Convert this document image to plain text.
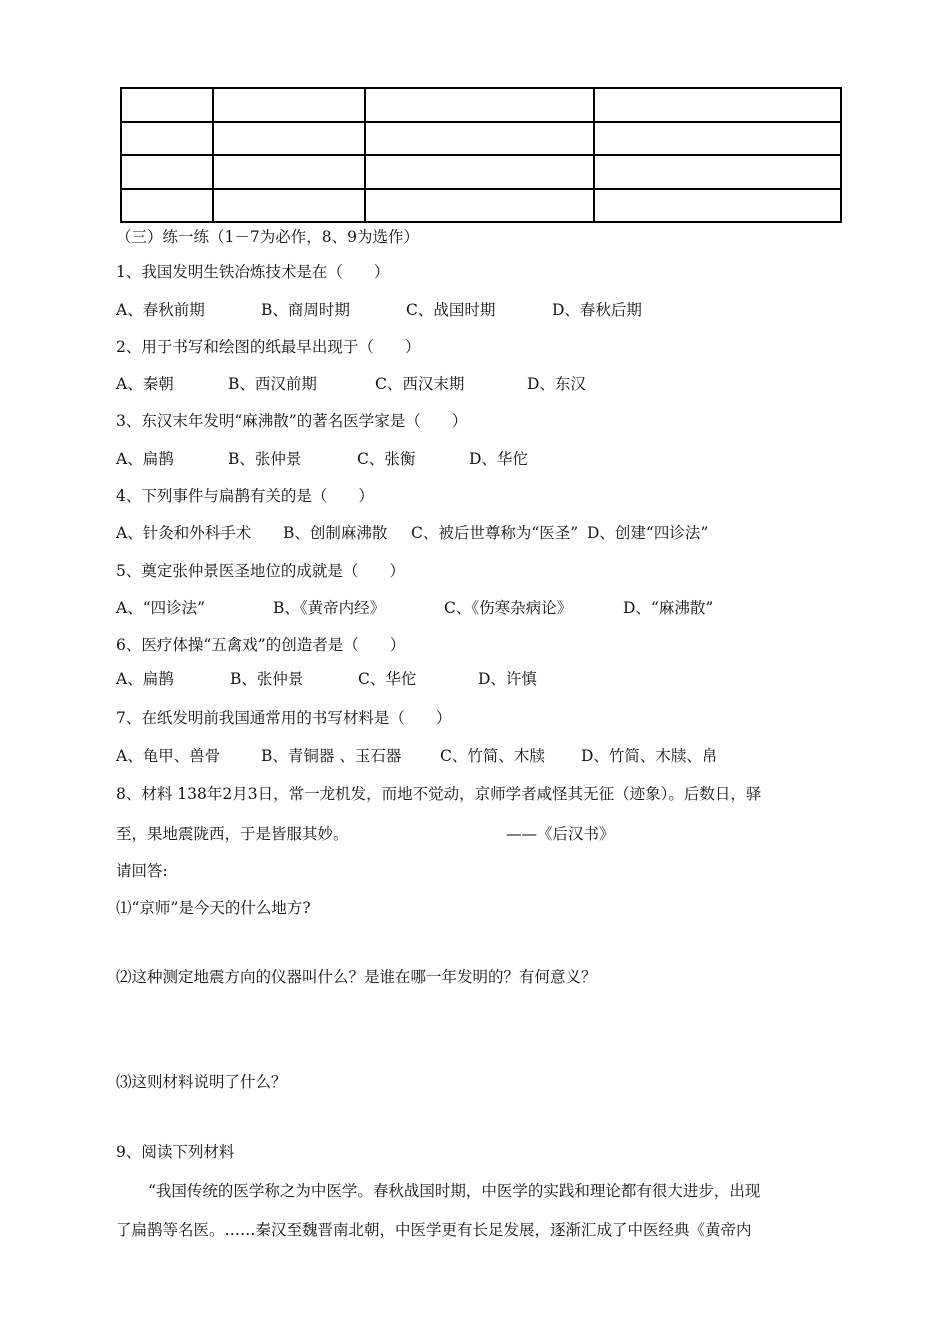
（三）练一练（1－7为必作，8、9为选作）
1、我国发明生铁冶炼技术是在（　　）
A、春秋前期	B、商周时期	C、战国时期	D、春秋后期
2、用于书写和绘图的纸最早出现于（　　）
A、秦朝	B、西汉前期	C、西汉末期	D、东汉
3、东汉末年发明“麻沸散”的著名医学家是（　　）
A、扁鹊	B、张仲景	C、张衡	D、华佗
4、下列事件与扁鹊有关的是（　　）
A、针灸和外科手术 B、创制麻沸散 C、被后世尊称为“医圣” D、创建“四诊法”
5、奠定张仲景医圣地位的成就是（　　）
A、“四诊法”	B、《黄帝内经》	C、《伤寒杂病论》	D、“麻沸散”
6、医疗体操“五禽戏”的创造者是（　　）
A、扁鹊	B、张仲景	C、华佗	D、许慎
7、在纸发明前我国通常用的书写材料是（　　）
A、龟甲、兽骨	B、青铜器 、玉石器 C、竹简、木牍 D、竹简、木牍、帛
8、材料 138年2月3日，常一龙机发，而地不觉动，京师学者咸怪其无征（迹象）。后数日，驿
至，果地震陇西，于是皆服其妙。	——《后汉书》
请回答:
⑴“京师”是今天的什么地方?
⑵这种测定地震方向的仪器叫什么？是谁在哪一年发明的？有何意义？
⑶这则材料说明了什么？
9、阅读下列材料
“我国传统的医学称之为中医学。春秋战国时期，中医学的实践和理论都有很大进步，出现
了扁鹊等名医。……秦汉至魏晋南北朝，中医学更有长足发展，逐渐汇成了中医经典《黄帝内
